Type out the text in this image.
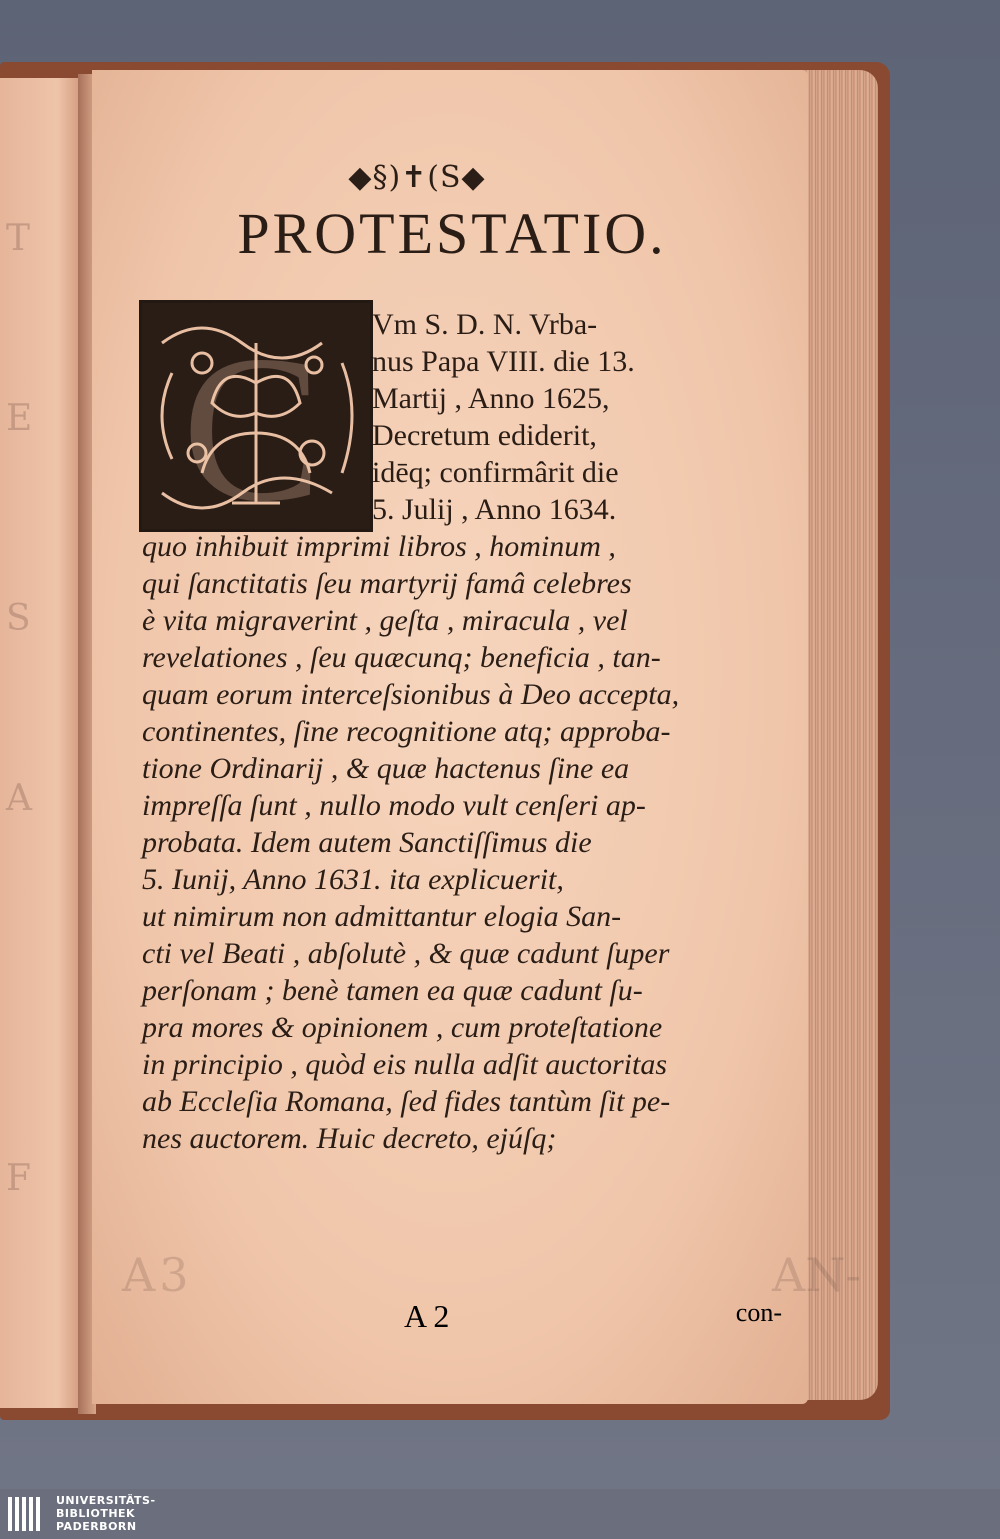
T
E
S
A
F
A3	AN-
◆§)✝(S◆
PROTESTATIO.
C Vm S. D. N. Vrba-
nus Papa VIII. die 13.
Martij , Anno 1625,
Decretum ediderit,
idēq; confirmârit die
5. Julij , Anno 1634.
quo inhibuit imprimi libros , hominum ,
qui ſanctitatis ſeu martyrij famâ celebres
è vita migraverint , geſta , miracula , vel
revelationes , ſeu quæcunq; beneficia , tan-
quam eorum interceſsionibus à Deo accepta,
continentes, ſine recognitione atq; approba-
tione Ordinarij , & quæ hactenus ſine ea
impreſſa ſunt , nullo modo vult cenſeri ap-
probata. Idem autem Sanctiſſimus die
5. Iunij, Anno 1631. ita explicuerit,
ut nimirum non admittantur elogia San-
cti vel Beati , abſolutè , & quæ cadunt ſuper
perſonam ; benè tamen ea quæ cadunt ſu-
pra mores & opinionem , cum proteſtatione
in principio , quòd eis nulla adſit auctoritas
ab Eccleſia Romana, ſed fides tantùm ſit pe-
nes auctorem. Huic decreto, ejúſq;
A 2	con-
UNIVERSITÄTS-
BIBLIOTHEK
PADERBORN
